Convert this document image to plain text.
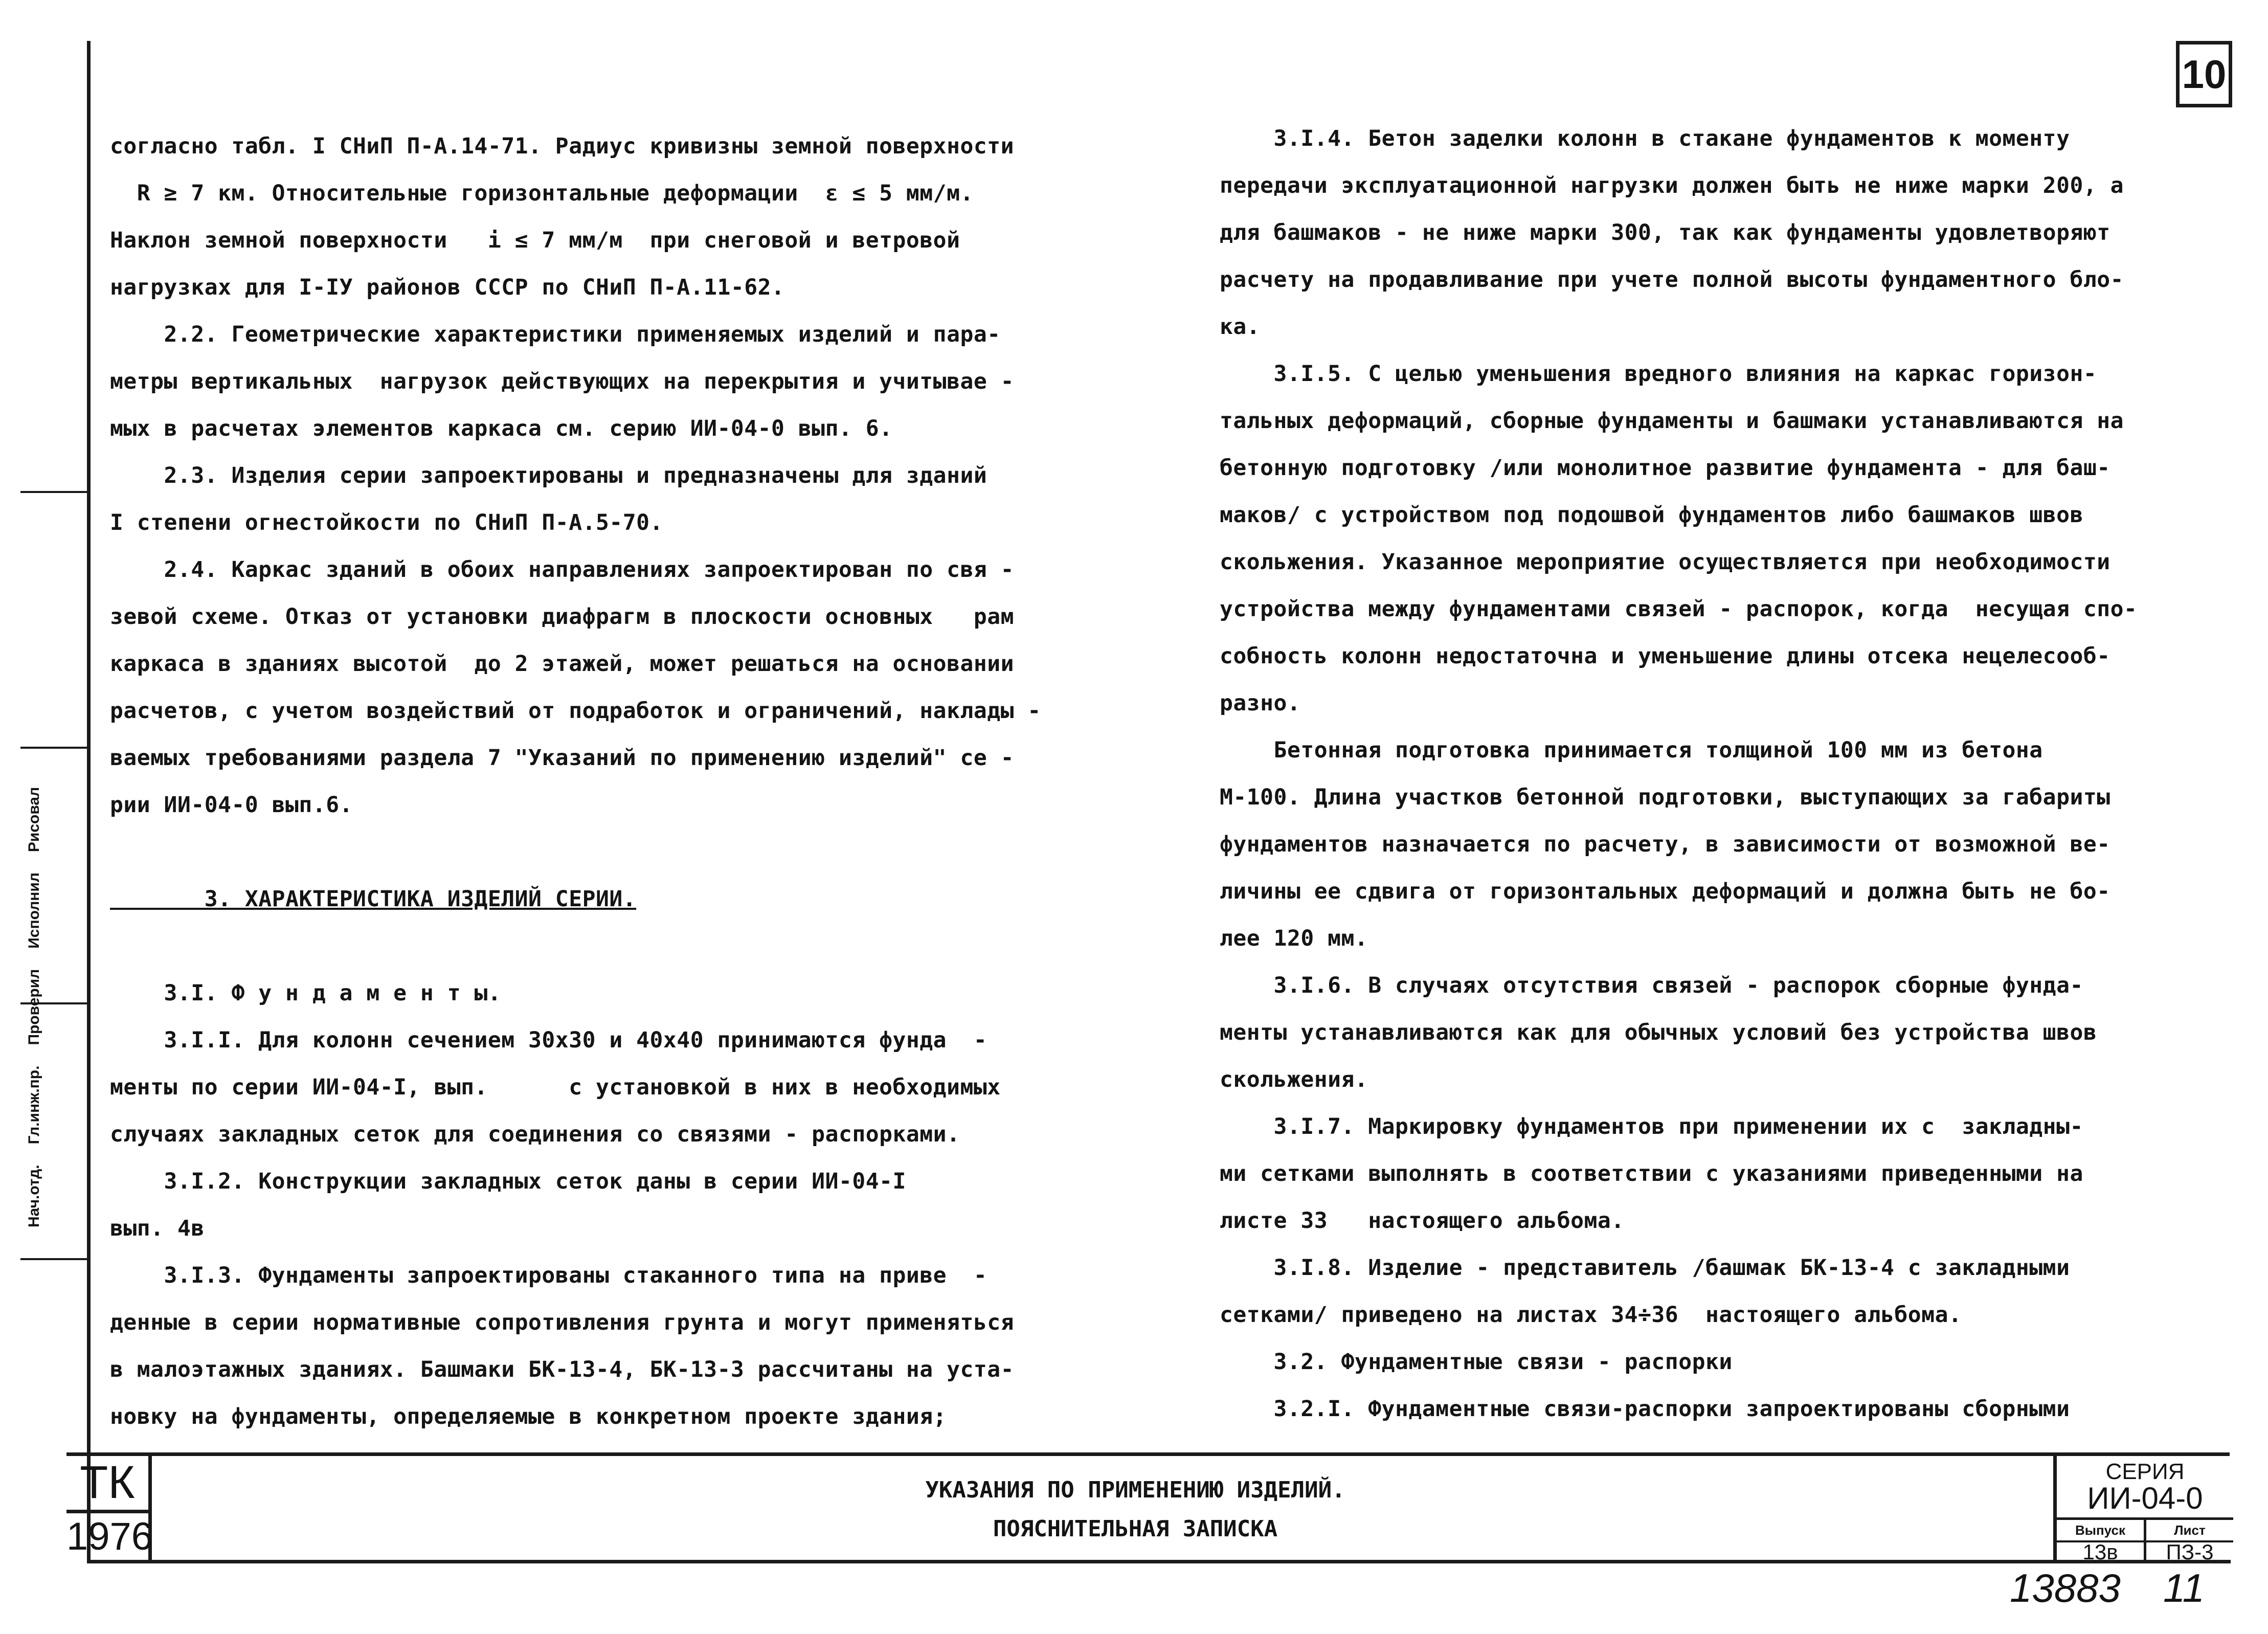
10
Нач.отд.
Гл.инж.пр.
Проверил
Исполнил
Рисовал
согласно табл. I СНиП П-А.14-71. Радиус кривизны земной поверхности
R ≥ 7 км. Относительные горизонтальные деформации  ε ≤ 5 мм/м.
Наклон земной поверхности   i ≤ 7 мм/м  при снеговой и ветровой
нагрузках для I-IУ районов СССР по СНиП П-А.11-62.
2.2. Геометрические характеристики применяемых изделий и пара-
метры вертикальных  нагрузок действующих на перекрытия и учитывае -
мых в расчетах элементов каркаса см. серию ИИ-04-0 вып. 6.
2.3. Изделия серии запроектированы и предназначены для зданий
I степени огнестойкости по СНиП П-А.5-70.
2.4. Каркас зданий в обоих направлениях запроектирован по свя -
зевой схеме. Отказ от установки диафрагм в плоскости основных   рам
каркаса в зданиях высотой  до 2 этажей, может решаться на основании
расчетов, с учетом воздействий от подработок и ограничений, наклады -
ваемых требованиями раздела 7 "Указаний по применению изделий" се -
рии ИИ-04-0 вып.6.
3. ХАРАКТЕРИСТИКА ИЗДЕЛИЙ СЕРИИ.
3.I. Ф у н д а м е н т ы.
3.I.I. Для колонн сечением 30х30 и 40х40 принимаются фунда  -
менты по серии ИИ-04-I, вып.      с установкой в них в необходимых
случаях закладных сеток для соединения со связями - распорками.
3.I.2. Конструкции закладных сеток даны в серии ИИ-04-I
вып. 4в
3.I.3. Фундаменты запроектированы стаканного типа на приве  -
денные в серии нормативные сопротивления грунта и могут применяться
в малоэтажных зданиях. Башмаки БК-13-4, БК-13-3 рассчитаны на уста-
новку на фундаменты, определяемые в конкретном проекте здания;
3.I.4. Бетон заделки колонн в стакане фундаментов к моменту
передачи эксплуатационной нагрузки должен быть не ниже марки 200, а
для башмаков - не ниже марки 300, так как фундаменты удовлетворяют
расчету на продавливание при учете полной высоты фундаментного бло-
ка.
3.I.5. С целью уменьшения вредного влияния на каркас горизон-
тальных деформаций, сборные фундаменты и башмаки устанавливаются на
бетонную подготовку /или монолитное развитие фундамента - для баш-
маков/ с устройством под подошвой фундаментов либо башмаков швов
скольжения. Указанное мероприятие осуществляется при необходимости
устройства между фундаментами связей - распорок, когда  несущая спо-
собность колонн недостаточна и уменьшение длины отсека нецелесооб-
разно.
Бетонная подготовка принимается толщиной 100 мм из бетона
М-100. Длина участков бетонной подготовки, выступающих за габариты
фундаментов назначается по расчету, в зависимости от возможной ве-
личины ее сдвига от горизонтальных деформаций и должна быть не бо-
лее 120 мм.
3.I.6. В случаях отсутствия связей - распорок сборные фунда-
менты устанавливаются как для обычных условий без устройства швов
скольжения.
3.I.7. Маркировку фундаментов при применении их с  закладны-
ми сетками выполнять в соответствии с указаниями приведенными на
листе 33   настоящего альбома.
3.I.8. Изделие - представитель /башмак БК-13-4 с закладными
сетками/ приведено на листах 34÷36  настоящего альбома.
3.2. Фундаментные связи - распорки
3.2.I. Фундаментные связи-распорки запроектированы сборными
ТК
1976
УКАЗАНИЯ ПО ПРИМЕНЕНИЮ ИЗДЕЛИЙ.
ПОЯСНИТЕЛЬНАЯ ЗАПИСКА
СЕРИЯ
ИИ-04-0
Выпуск	Лист
13в	ПЗ-3
13883 11
